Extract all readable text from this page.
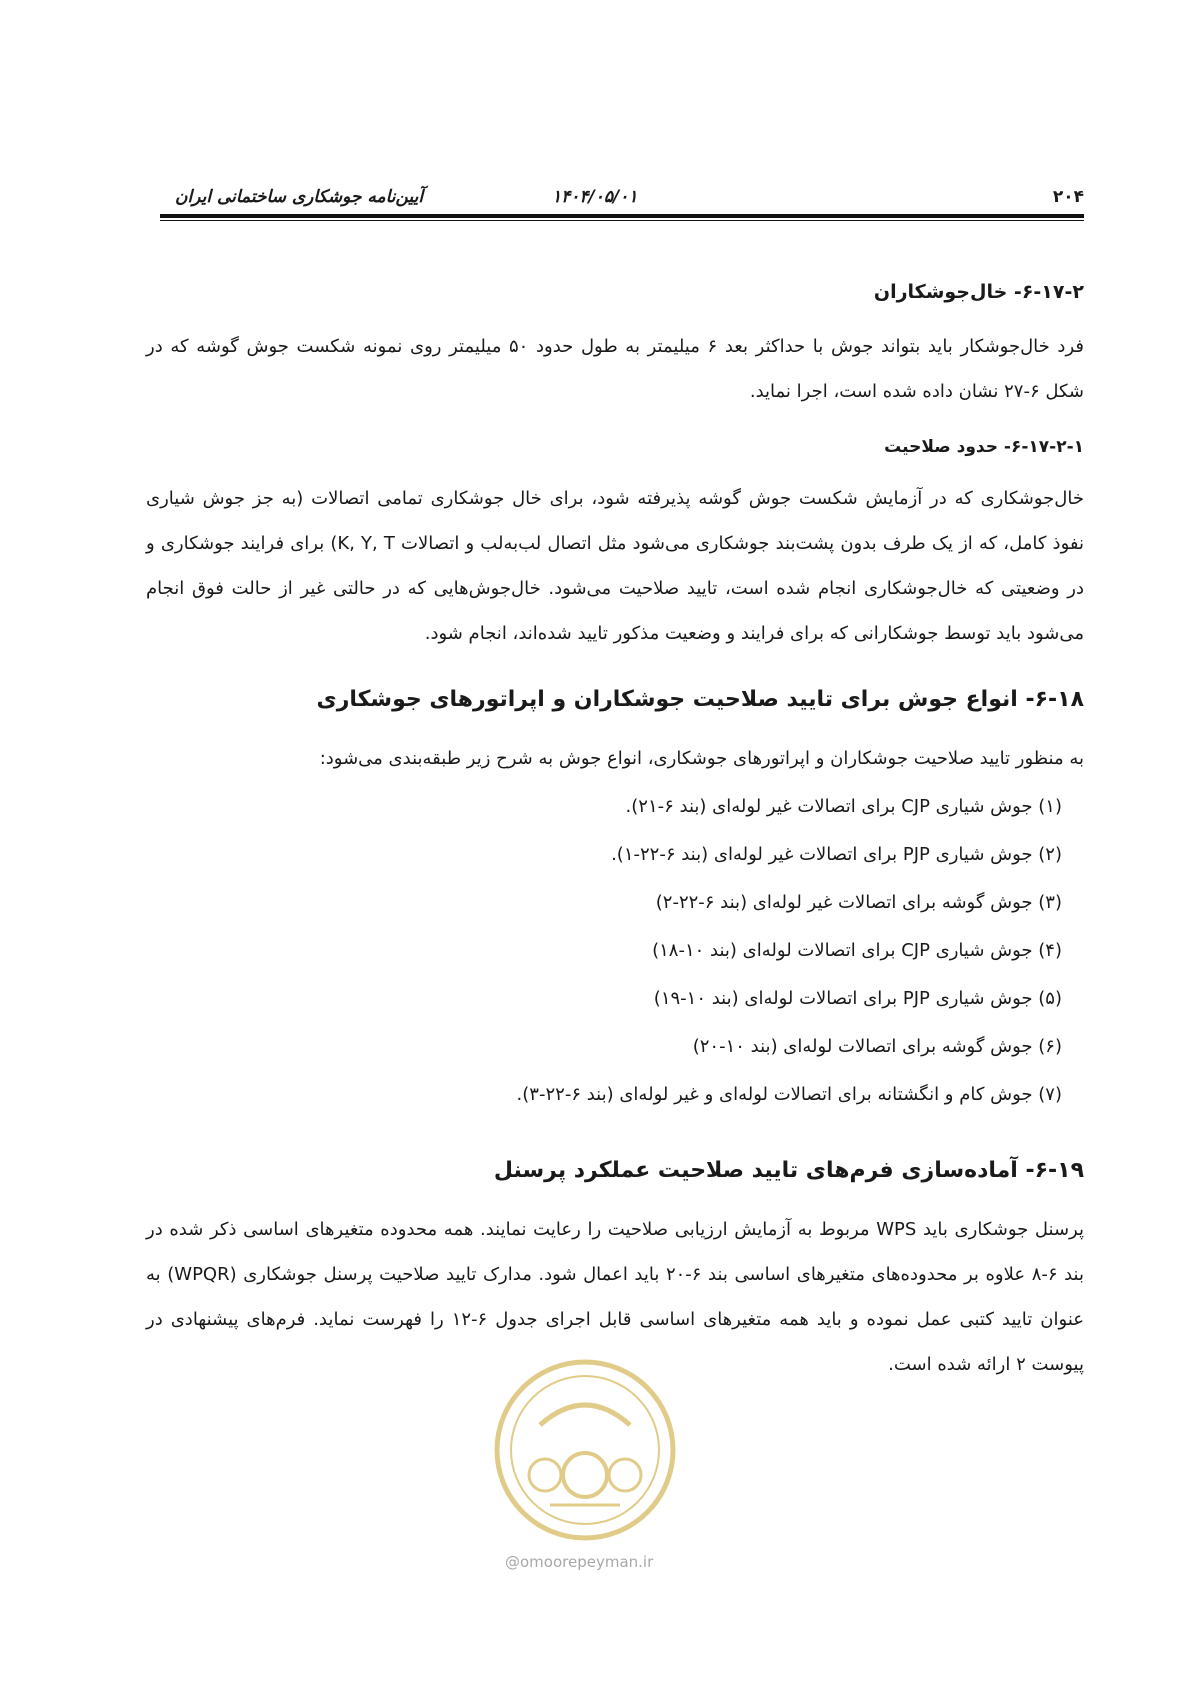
۲۰۴
۱۴۰۴/۰۵/۰۱
آیین‌نامه جوشکاری ساختمانی ایران
۶-۱۷-۲- خال‌جوشکاران

فرد خال‌جوشکار باید بتواند جوش با حداکثر بعد ۶ میلیمتر به طول حدود ۵۰ میلیمتر روی نمونه شکست جوش گوشه که در شکل ۶-۲۷ نشان داده شده است، اجرا نماید.

۶-۱۷-۲-۱- حدود صلاحیت

خال‌جوشکاری که در آزمایش شکست جوش گوشه پذیرفته شود، برای خال جوشکاری تمامی اتصالات (به جز جوش شیاری نفوذ کامل، که از یک طرف بدون پشت‌بند جوشکاری می‌شود مثل اتصال لب‌به‌لب و اتصالات K, Y, T) برای فرایند جوشکاری و در وضعیتی که خال‌جوشکاری انجام شده است، تایید صلاحیت می‌شود. خال‌جوش‌هایی که در حالتی غیر از حالت فوق انجام می‌شود باید توسط جوشکارانی که برای فرایند و وضعیت مذکور تایید شده‌اند، انجام شود.

۶-۱۸- انواع جوش برای تایید صلاحیت جوشکاران و اپراتورهای جوشکاری

به منظور تایید صلاحیت جوشکاران و اپراتورهای جوشکاری، انواع جوش به شرح زیر طبقه‌بندی می‌شود:

(۱) جوش شیاری CJP برای اتصالات غیر لوله‌ای (بند ۶-۲۱).
(۲) جوش شیاری PJP برای اتصالات غیر لوله‌ای (بند ۶-۲۲-۱).
(۳) جوش گوشه برای اتصالات غیر لوله‌ای (بند ۶-۲۲-۲)
(۴) جوش شیاری CJP برای اتصالات لوله‌ای (بند ۱۰-۱۸)
(۵) جوش شیاری PJP برای اتصالات لوله‌ای (بند ۱۰-۱۹)
(۶) جوش گوشه برای اتصالات لوله‌ای (بند ۱۰-۲۰)
(۷) جوش کام و انگشتانه برای اتصالات لوله‌ای و غیر لوله‌ای (بند ۶-۲۲-۳).
۶-۱۹- آماده‌سازی فرم‌های تایید صلاحیت عملکرد پرسنل

پرسنل جوشکاری باید WPS مربوط به آزمایش ارزیابی صلاحیت را رعایت نمایند. همه محدوده متغیرهای اساسی ذکر شده در بند ۶-۸ علاوه بر محدوده‌های متغیرهای اساسی بند ۶-۲۰ باید اعمال شود. مدارک تایید صلاحیت پرسنل جوشکاری (WPQR) به عنوان تایید کتبی عمل نموده و باید همه متغیرهای اساسی قابل اجرای جدول ۶-۱۲ را فهرست نماید. فرم‌های پیشنهادی در پیوست ۲ ارائه شده است.

@omoorepeyman.ir
